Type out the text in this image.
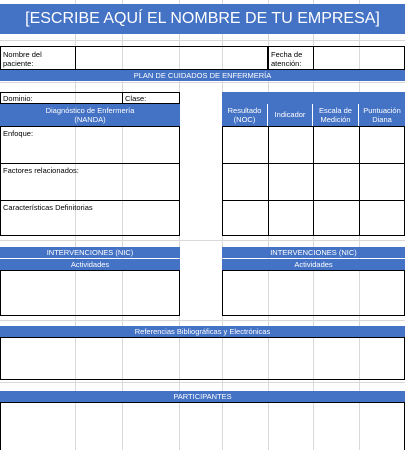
[ESCRIBE AQUÍ EL NOMBRE DE TU EMPRESA]
Nombre del paciente:
Fecha de atención:
PLAN DE CUIDADOS DE ENFERMERÍA
Dominio:	Clase:
Diagnóstico de Enfermería (NANDA)
Resultado (NOC)
Indicador
Escala de Medición
Puntuación Diana
Enfoque:
Factores relacionados:
Características Definitorias
INTERVENCIONES (NIC)
Actividades
INTERVENCIONES (NIC)
Actividades
Referencias Bibliográficas y Electrónicas
PARTICIPANTES
